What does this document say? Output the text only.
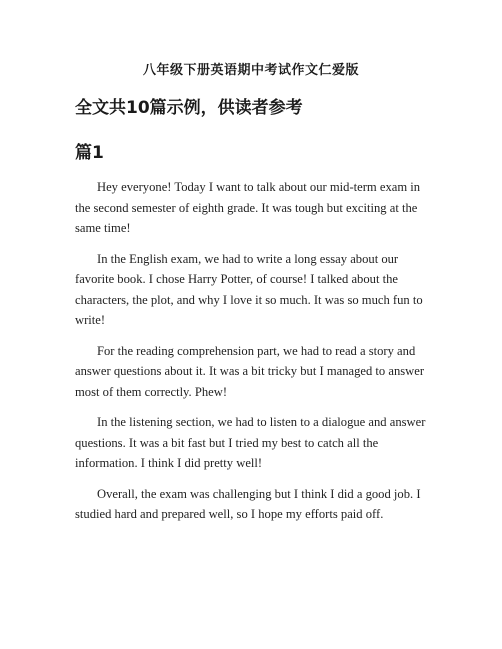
八年级下册英语期中考试作文仁爱版
全文共10篇示例，供读者参考
篇1

Hey everyone! Today I want to talk about our mid-term exam in the second semester of eighth grade. It was tough but exciting at the same time!

In the English exam, we had to write a long essay about our favorite book. I chose Harry Potter, of course! I talked about the characters, the plot, and why I love it so much. It was so much fun to write!

For the reading comprehension part, we had to read a story and answer questions about it. It was a bit tricky but I managed to answer most of them correctly. Phew!

In the listening section, we had to listen to a dialogue and answer questions. It was a bit fast but I tried my best to catch all the information. I think I did pretty well!

Overall, the exam was challenging but I think I did a good job. I studied hard and prepared well, so I hope my efforts paid off.
